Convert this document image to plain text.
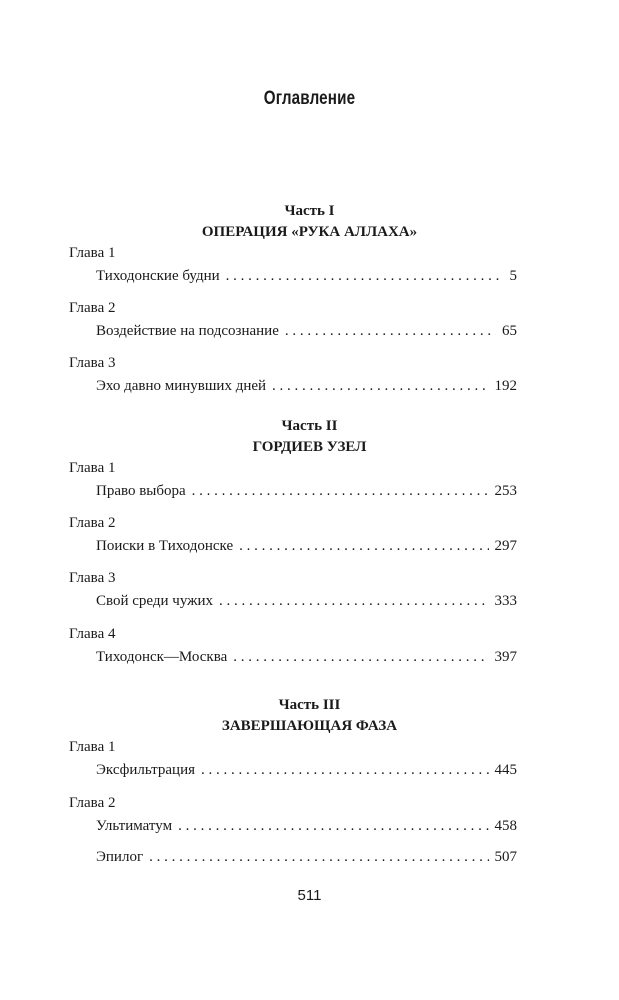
Оглавление
Часть I
ОПЕРАЦИЯ «РУКА АЛЛАХА»
Глава 1
Тиходонские будни . . .	5
Глава 2
Воздействие на подсознание . . .	65
Глава 3
Эхо давно минувших дней . . .	192
Часть II
ГОРДИЕВ УЗЕЛ
Глава 1
Право выбора . . .	253
Глава 2
Поиски в Тиходонске . . .	297
Глава 3
Свой среди чужих . . .	333
Глава 4
Тиходонск—Москва . . .	397
Часть III
ЗАВЕРШАЮЩАЯ ФАЗА
Глава 1
Эксфильтрация . . .	445
Глава 2
Ультиматум . . .	458
Эпилог . . .	507
511
